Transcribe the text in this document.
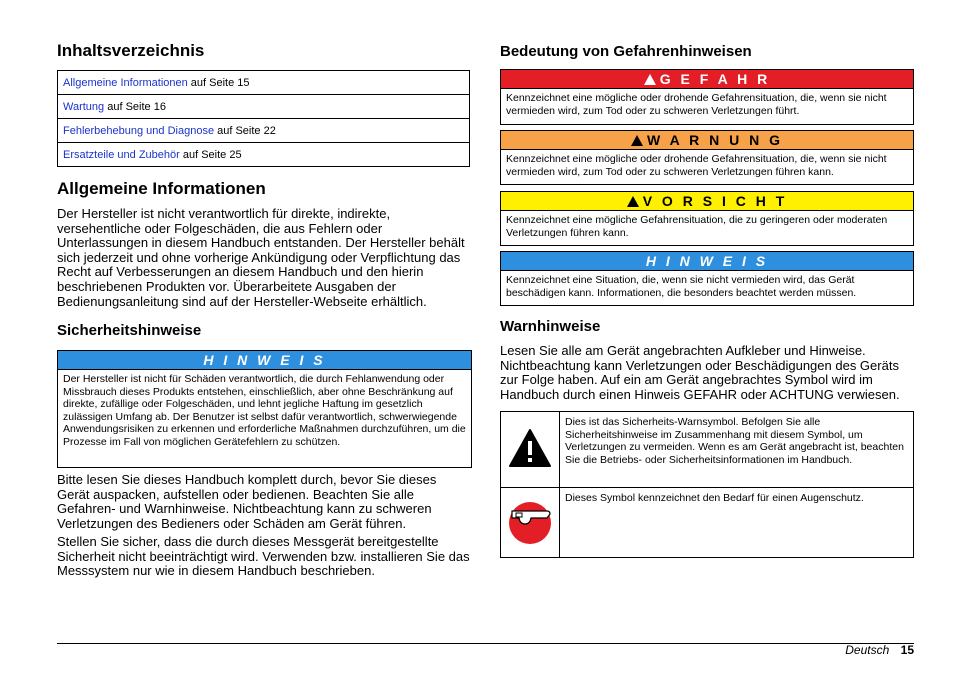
Inhaltsverzeichnis
Allgemeine Informationen auf Seite 15
Wartung auf Seite 16
Fehlerbehebung und Diagnose auf Seite 22
Ersatzteile und Zubehör auf Seite 25
Allgemeine Informationen

Der Hersteller ist nicht verantwortlich für direkte, indirekte, versehentliche oder Folgeschäden, die aus Fehlern oder Unterlassungen in diesem Handbuch entstanden. Der Hersteller behält sich jederzeit und ohne vorherige Ankündigung oder Verpflichtung das Recht auf Verbesserungen an diesem Handbuch und den hierin beschriebenen Produkten vor. Überarbeitete Ausgaben der Bedienungsanleitung sind auf der Hersteller-Webseite erhältlich.

Sicherheitshinweise
H I N W E I S
Der Hersteller ist nicht für Schäden verantwortlich, die durch Fehlanwendung oder Missbrauch dieses Produkts entstehen, einschließlich, aber ohne Beschränkung auf direkte, zufällige oder Folgeschäden, und lehnt jegliche Haftung im gesetzlich zulässigen Umfang ab. Der Benutzer ist selbst dafür verantwortlich, schwerwiegende Anwendungsrisiken zu erkennen und erforderliche Maßnahmen durchzuführen, um die Prozesse im Fall von möglichen Gerätefehlern zu schützen.

Bitte lesen Sie dieses Handbuch komplett durch, bevor Sie dieses Gerät auspacken, aufstellen oder bedienen. Beachten Sie alle Gefahren- und Warnhinweise. Nichtbeachtung kann zu schweren Verletzungen des Bedieners oder Schäden am Gerät führen.

Stellen Sie sicher, dass die durch dieses Messgerät bereitgestellte Sicherheit nicht beeinträchtigt wird. Verwenden bzw. installieren Sie das Messsystem nur wie in diesem Handbuch beschrieben.

Bedeutung von Gefahrenhinweisen
G E F A H R
Kennzeichnet eine mögliche oder drohende Gefahrensituation, die, wenn sie nicht vermieden wird, zum Tod oder zu schweren Verletzungen führt.
W A R N U N G
Kennzeichnet eine mögliche oder drohende Gefahrensituation, die, wenn sie nicht vermieden wird, zum Tod oder zu schweren Verletzungen führen kann.
V O R S I C H T
Kennzeichnet eine mögliche Gefahrensituation, die zu geringeren oder moderaten Verletzungen führen kann.
H I N W E I S
Kennzeichnet eine Situation, die, wenn sie nicht vermieden wird, das Gerät beschädigen kann. Informationen, die besonders beachtet werden müssen.
Warnhinweise

Lesen Sie alle am Gerät angebrachten Aufkleber und Hinweise. Nichtbeachtung kann Verletzungen oder Beschädigungen des Geräts zur Folge haben. Auf ein am Gerät angebrachtes Symbol wird im Handbuch durch einen Hinweis GEFAHR oder ACHTUNG verwiesen.

	Dies ist das Sicherheits-Warnsymbol. Befolgen Sie alle Sicherheitshinweise im Zusammenhang mit diesem Symbol, um Verletzungen zu vermeiden. Wenn es am Gerät angebracht ist, beachten Sie die Betriebs- oder Sicherheitsinformationen im Handbuch.
	Dieses Symbol kennzeichnet den Bedarf für einen Augenschutz.
Deutsch 15
